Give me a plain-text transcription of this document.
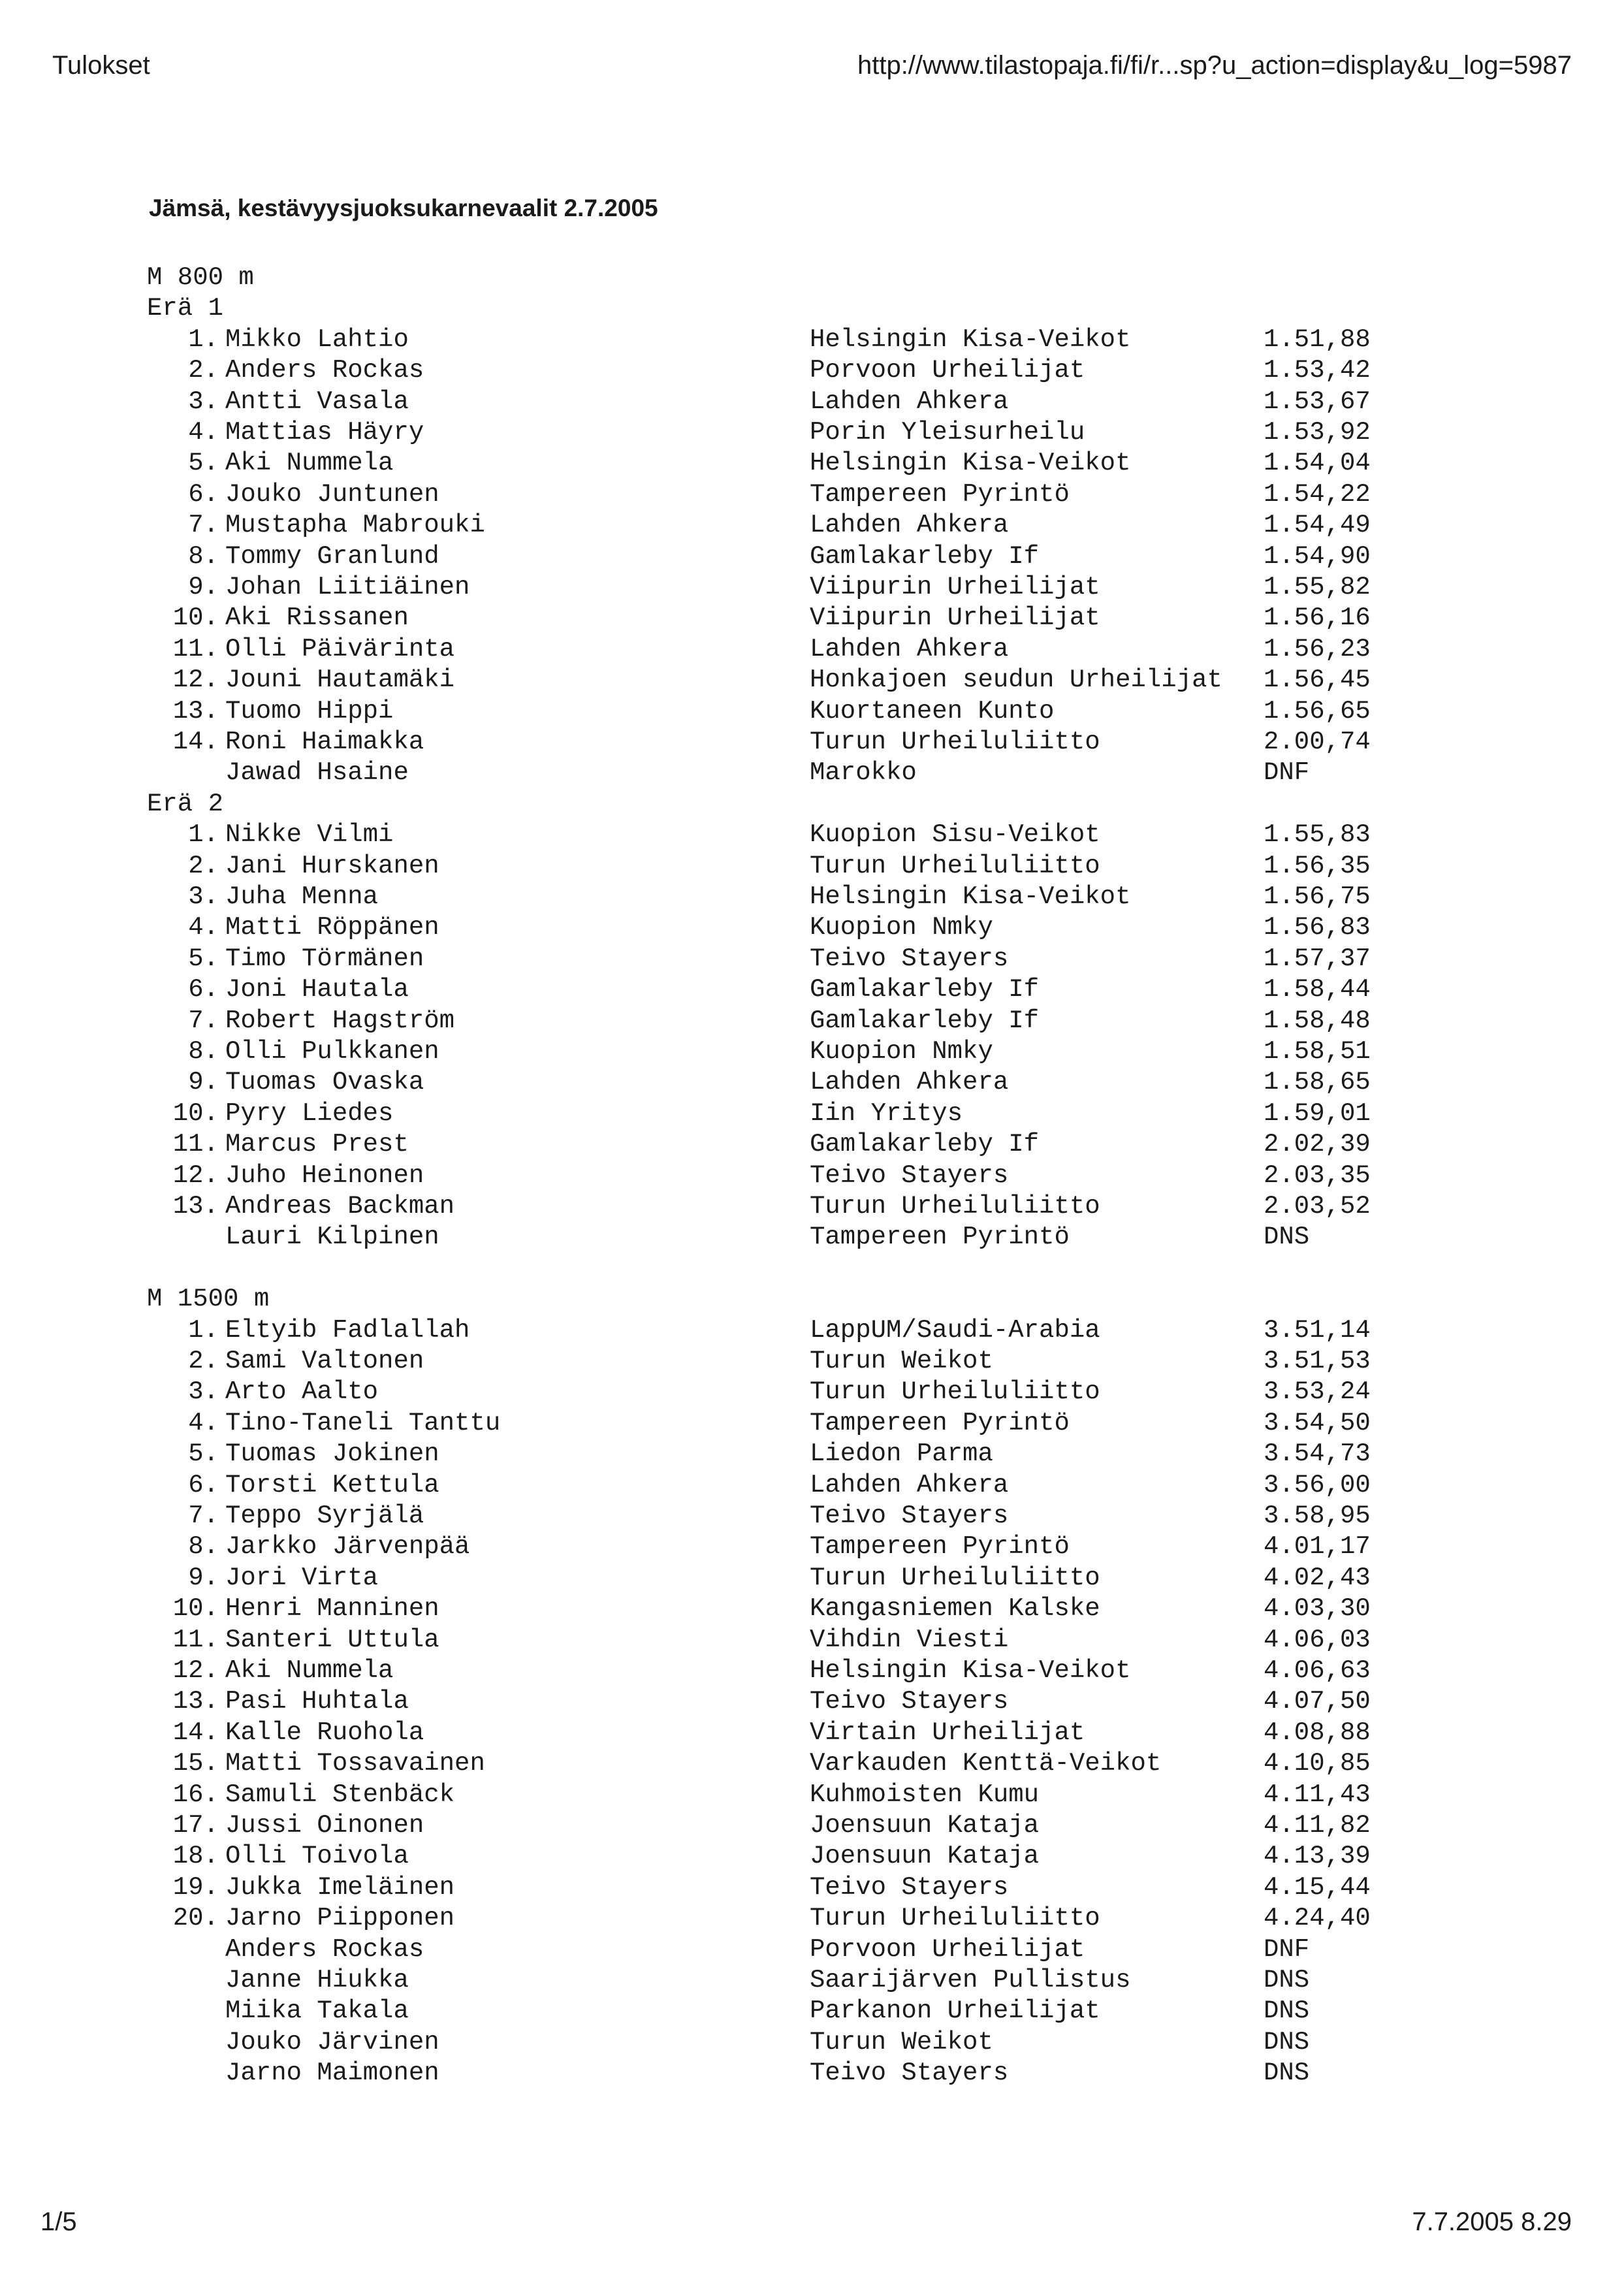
Tulokset	http://www.tilastopaja.fi/fi/r...sp?u_action=display&u_log=5987
Jämsä, kestävyysjuoksukarnevaalit 2.7.2005
M 800 m
Erä 1
1. Mikko Lahtio	Helsingin Kisa-Veikot	1.51,88
2. Anders Rockas	Porvoon Urheilijat	1.53,42
3. Antti Vasala	Lahden Ahkera	1.53,67
4. Mattias Häyry	Porin Yleisurheilu	1.53,92
5. Aki Nummela	Helsingin Kisa-Veikot	1.54,04
6. Jouko Juntunen	Tampereen Pyrintö	1.54,22
7. Mustapha Mabrouki	Lahden Ahkera	1.54,49
8. Tommy Granlund	Gamlakarleby If	1.54,90
9. Johan Liitiäinen	Viipurin Urheilijat	1.55,82
10. Aki Rissanen	Viipurin Urheilijat	1.56,16
11. Olli Päivärinta	Lahden Ahkera	1.56,23
12. Jouni Hautamäki	Honkajoen seudun Urheilijat 1.56,45
13. Tuomo Hippi	Kuortaneen Kunto	1.56,65
14. Roni Haimakka	Turun Urheiluliitto	2.00,74
Jawad Hsaine	Marokko	DNF
Erä 2
1. Nikke Vilmi	Kuopion Sisu-Veikot	1.55,83
2. Jani Hurskanen	Turun Urheiluliitto	1.56,35
3. Juha Menna	Helsingin Kisa-Veikot	1.56,75
4. Matti Röppänen	Kuopion Nmky	1.56,83
5. Timo Törmänen	Teivo Stayers	1.57,37
6. Joni Hautala	Gamlakarleby If	1.58,44
7. Robert Hagström	Gamlakarleby If	1.58,48
8. Olli Pulkkanen	Kuopion Nmky	1.58,51
9. Tuomas Ovaska	Lahden Ahkera	1.58,65
10. Pyry Liedes	Iin Yritys	1.59,01
11. Marcus Prest	Gamlakarleby If	2.02,39
12. Juho Heinonen	Teivo Stayers	2.03,35
13. Andreas Backman	Turun Urheiluliitto	2.03,52
Lauri Kilpinen	Tampereen Pyrintö	DNS
M 1500 m
1. Eltyib Fadlallah	LappUM/Saudi-Arabia	3.51,14
2. Sami Valtonen	Turun Weikot	3.51,53
3. Arto Aalto	Turun Urheiluliitto	3.53,24
4. Tino-Taneli Tanttu	Tampereen Pyrintö	3.54,50
5. Tuomas Jokinen	Liedon Parma	3.54,73
6. Torsti Kettula	Lahden Ahkera	3.56,00
7. Teppo Syrjälä	Teivo Stayers	3.58,95
8. Jarkko Järvenpää	Tampereen Pyrintö	4.01,17
9. Jori Virta	Turun Urheiluliitto	4.02,43
10. Henri Manninen	Kangasniemen Kalske	4.03,30
11. Santeri Uttula	Vihdin Viesti	4.06,03
12. Aki Nummela	Helsingin Kisa-Veikot	4.06,63
13. Pasi Huhtala	Teivo Stayers	4.07,50
14. Kalle Ruohola	Virtain Urheilijat	4.08,88
15. Matti Tossavainen	Varkauden Kenttä-Veikot	4.10,85
16. Samuli Stenbäck	Kuhmoisten Kumu	4.11,43
17. Jussi Oinonen	Joensuun Kataja	4.11,82
18. Olli Toivola	Joensuun Kataja	4.13,39
19. Jukka Imeläinen	Teivo Stayers	4.15,44
20. Jarno Piipponen	Turun Urheiluliitto	4.24,40
Anders Rockas	Porvoon Urheilijat	DNF
Janne Hiukka	Saarijärven Pullistus	DNS
Miika Takala	Parkanon Urheilijat	DNS
Jouko Järvinen	Turun Weikot	DNS
Jarno Maimonen	Teivo Stayers	DNS
1/5	7.7.2005 8.29
